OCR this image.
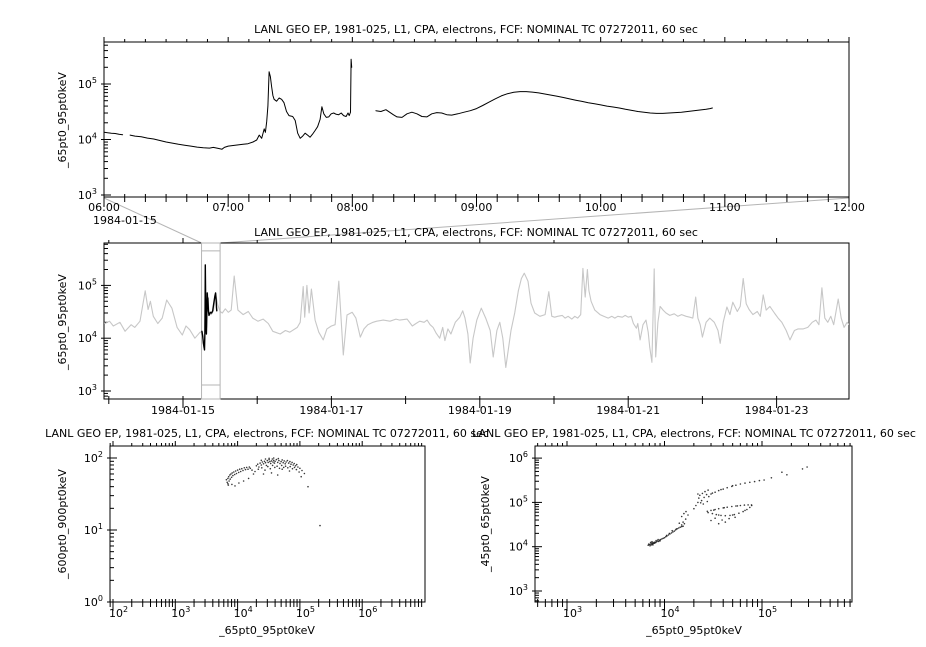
06:00	07:00	08:00	09:00	10:00	11:00	12:00
$10^3$
$10^4$
$10^5$
1984-01-15	1984-01-17	1984-01-19	1984-01-21	1984-01-23
$10^3$
$10^4$
$10^5$
$10^2$	$10^3$	$10^4$	$10^5$	$10^6$
$10^0$
$10^1$
$10^2$
$10^3$	$10^4$	$10^5$
$10^3$
$10^4$
$10^5$
$10^6$
LANL GEO EP, 1981-025, L1, CPA, electrons, FCF: NOMINAL TC 07272011, 60 sec
LANL GEO EP, 1981-025, L1, CPA, electrons, FCF: NOMINAL TC 07272011, 60 sec
LANL GEO EP, 1981-025, L1, CPA, electrons, FCF: NOMINAL TC 07272011, 60 sec
LANL GEO EP, 1981-025, L1, CPA, electrons, FCF: NOMINAL TC 07272011, 60 sec
_65pt0_95pt0keV
_65pt0_95pt0keV
_600pt0_900pt0keV	_45pt0_65pt0keV
_65pt0_95pt0keV	_65pt0_95pt0keV
1984-01-15
